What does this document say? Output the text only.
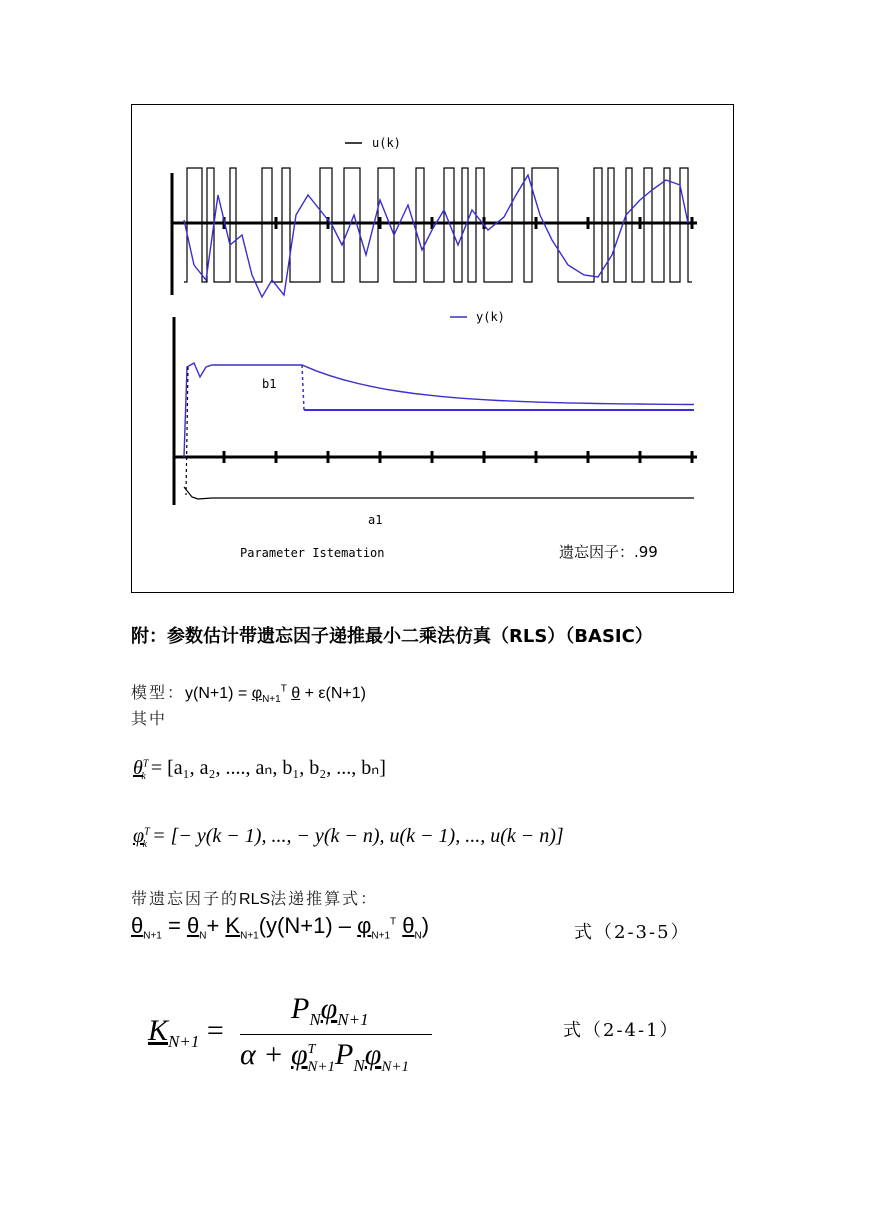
u(k)
y(k)
b1
a1
Parameter Istemation	遗忘因子：.99
附：参数估计带遗忘因子递推最小二乘法仿真（RLS）（BASIC）
模型：$y(N+1) = \varphi_{N+1}^T$ θ + ε(N+1)
其中
$\theta^T_k = [a_1$, a₂, ...., aₙ, b₁, b₂, ..., bₙ]
$\varphi^T_k$ = [− y(k − 1), ..., − y(k − n), u(k − 1), ..., u(k − n)]
带遗忘因子的RLS法递推算式：
$\theta_{N+1} = \theta_N+ K_{N+1}(y(N+1) - \varphi_{N+1}^T$ $\theta_N$)	式（2-3-5）
$K_{N+1}$ =
$P_N\varphi_{N+1}$
$\alpha + \varphi^T_{N+1}P_N\varphi_{N+1}$
式（2-4-1）
